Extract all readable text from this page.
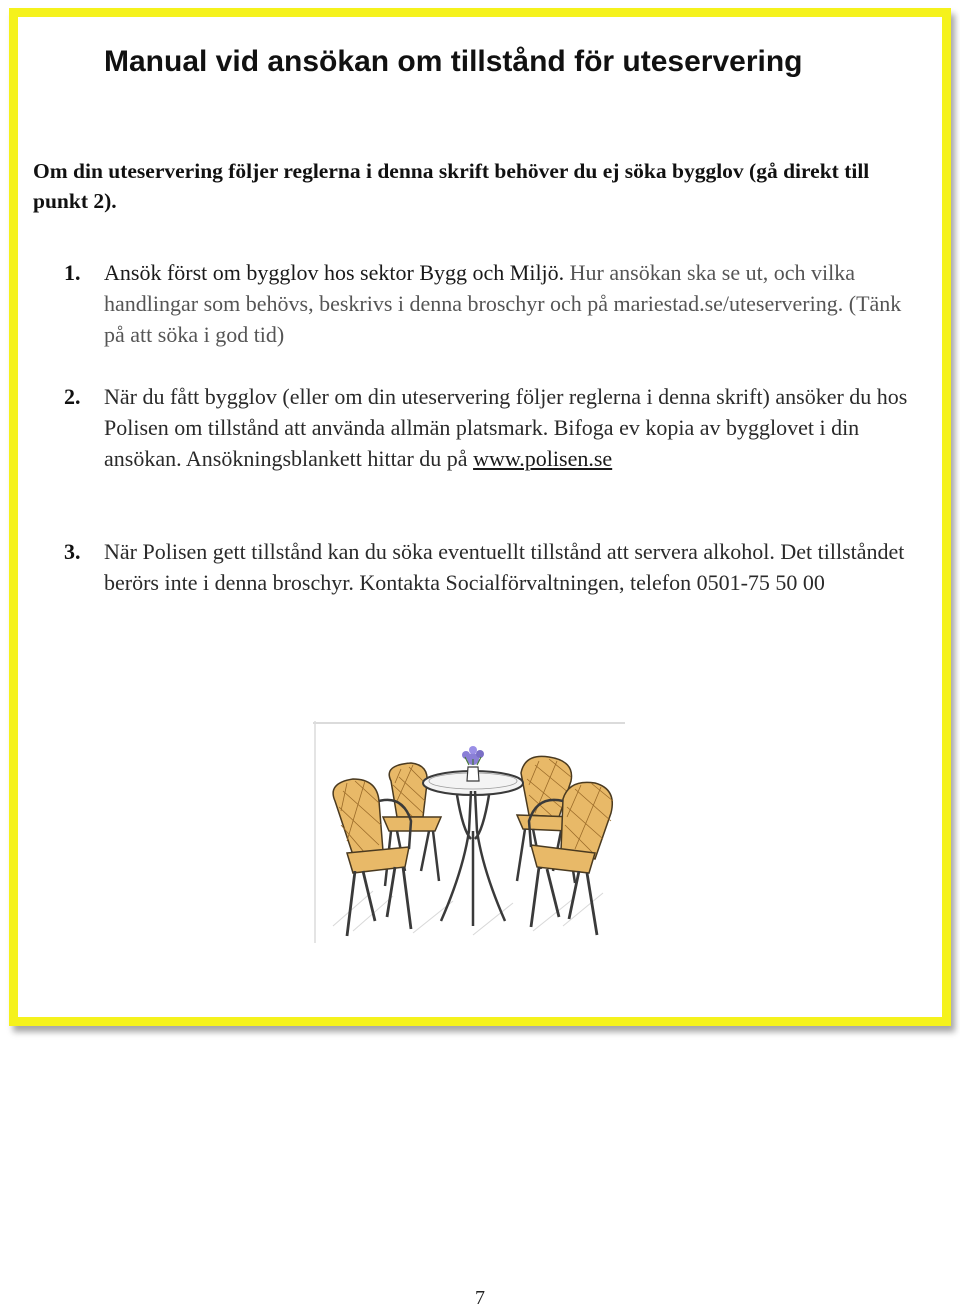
Manual vid ansökan om tillstånd för uteservering

Om din uteservering följer reglerna i denna skrift behöver du ej söka bygglov (gå direkt till punkt 2).

1. Ansök först om bygglov hos sektor Bygg och Miljö. Hur ansökan ska se ut, och vilka handlingar som behövs, beskrivs i denna broschyr och på mariestad.se/uteservering. (Tänk på att söka i god tid)
2. När du fått bygglov (eller om din uteservering följer reglerna i denna skrift) ansöker du hos Polisen om tillstånd att använda allmän platsmark. Bifoga ev kopia av bygglovet i din ansökan. Ansökningsblankett hittar du på www.polisen.se
3. När Polisen gett tillstånd kan du söka eventuellt tillstånd att servera alkohol. Det tillståndet berörs inte i denna broschyr. Kontakta Socialförvaltningen, telefon 0501-75 50 00
7
